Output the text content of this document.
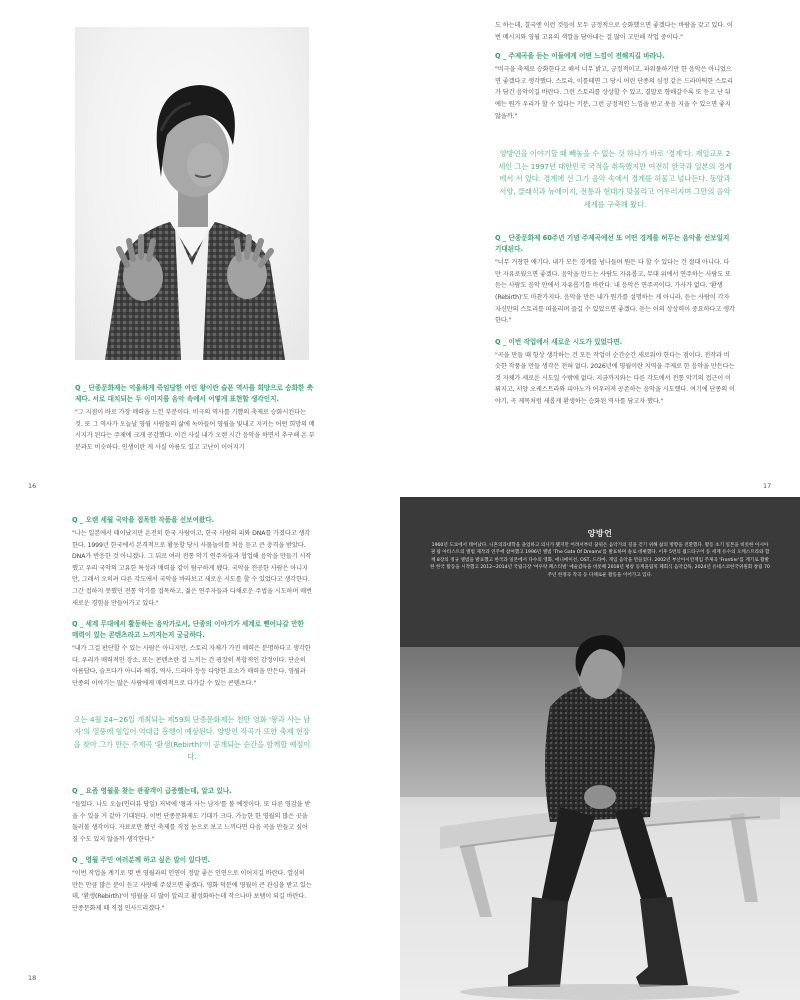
16	17
18
Q _ 단종문화제는 억울하게 죽임당한 어린 왕이란 슬픈 역사를 희망으로 승화한 축제다. 서로 대치되는 두 이미지를 음악 속에서 어떻게 표현할 생각인지.
"그 지점이 바로 가장 매력을 느낀 부분이다. 비극의 역사를 기쁨의 축제로 승화시킨다는 것. 또 그 역사가 오늘날 영월 사람들의 삶에 녹아들어 영월을 빛내고 지키는 어떤 희망의 메시지가 된다는 주제에 크게 공감했다. 이건 사실 내가 오랜 시간 음악을 하면서 추구해 온 부분과도 비슷하다. 인생이란 게 사실 아름도 있고 고난이 이어지기
도 하는데, 결국엔 이런 것들이 모두 긍정적으로 승화했으면 좋겠다는 바람을 갖고 있다. 이번 메시지와 영월 고유의 색깔을 담아내는 걸 많이 고민해 작업 중이다."
Q _ 주제곡을 듣는 이들에게 어떤 느낌이 전해지길 바라나.
"비극을 축제로 승화한다고 해서 너무 밝고, 긍정적이고, 파워풀하기만 한 음악은 아니었으면 좋겠다고 생각했다. 스토리, 이를테면 그 당시 어린 단종의 심정 같은 드라마틱한 스토리가 담긴 음악이길 바란다. 그런 스토리를 상상할 수 있고, 결말로 향해갈수록 또 듣고 난 뒤에는 뭔가 우리가 할 수 있다는 기분, 그런 긍정적인 느낌을 받고 웃음 지을 수 있으면 좋지 않을까."
양방언을 이야기할 때 빼놓을 수 없는 것 하나가 바로 '경계'다. 재일교포 2세인 그는 1997년 대한민국 국적을 취득했지만 여전히 한국과 일본의 경계에서 서 있다. 경계에 선 그가 음악 속에서 경계를 허물고 넘나든다. 동양과 서양, 클래식과 뉴에이지, 전통과 현대가 맞물리고 어우러지며 그만의 음악 세계를 구축해 왔다.
Q _ 단종문화제 60주년 기념 주제곡에선 또 어떤 경계를 허무는 음악을 선보일지 기대된다.
"너무 거창한 얘기다. 내가 모든 경계를 넘나들며 뭔든 다 할 수 있다는 건 절대 아니다. 다만 자유로웠으면 좋겠다. 음악을 만드는 사람도 자유롭고, 무대 위에서 연주하는 사람도 또 듣는 사람도 음악 안에서 자유롭기를 바란다. 내 음악은 연주곡이다. 가사가 없다. '환생(Rebirth)'도 마찬가지다. 음악을 만든 내가 뭔가를 설명하는 게 아니라, 듣는 사람이 각자 자신만의 스토리를 떠올리며 즐길 수 있었으면 좋겠다. 듣는 이의 상상력이 중요하다고 생각한다."
Q _ 이번 작업에서 새로운 시도가 있었다면.
"곡을 만들 때 항상 생각하는 건 모든 작업이 순간순간 새로워야 한다는 점이다. 전작과 비슷한 작품을 만들 생각은 전혀 없다. 2026년에 영월이란 지역을 주제로 한 음악을 만든다는 것 자체가 새로운 시도일 수밖에 없다. 지금까지와는 다른 각도에서 전통 악기의 접근이 이뤄지고, 서양 오케스트라와 피아노가 어우러져 공존하는 음악을 시도했다. 여기에 단종의 이야기, 곡 제목처럼 새롭게 환생하는 승화된 역사를 담고자 했다."
Q _ 오랜 세월 국악을 접목한 작품을 선보여왔다.
"나는 일본에서 태어났지만 온전히 한국 사람이고, 한국 사람의 피와 DNA를 가졌다고 생각한다. 1999년 한국에서 본격적으로 활동할 당시 사물놀이를 처음 듣고 큰 충격을 받았다. DNA가 반응한 것 아니겠나. 그 뒤로 여러 전통 악기 연주자들과 협업해 음악을 만들기 시작했고 우리 국악의 고유한 특성과 매력을 같이 탐구하게 됐다. 국악을 전공한 사람은 아니지만, 그래서 오히려 다른 각도에서 국악을 바라보고 새로운 시도를 할 수 있었다고 생각한다. 그간 접하지 못했던 전통 악기를 접목하고, 젊은 연주자들과 다채로운 주법을 시도하며 매번 새로운 경험을 만들어가고 있다."
Q _ 세계 무대에서 활동하는 음악가로서, 단종의 이야기가 세계로 뻗어나갈 만한 매력이 있는 콘텐츠라고 느끼지는지 궁금하다.
"내가 그걸 판단할 수 있는 사람은 아니지만, 스토리 자체가 가진 매력은 분명하다고 생각한다. 우리가 매력적인 장소, 또는 콘텐츠란 걸 느끼는 건 굉장히 복합적인 감정이다. 단순히 아름답다, 슬프다가 아니라 배경, 역사, 드라마 등등 다양한 요소가 매력을 만든다. 영월과 단종의 이야기는 많은 사람에게 매력적으로 다가갈 수 있는 콘텐츠다."
오는 4월 24~26일 개최되는 제59회 단종문화제는 천만 영화 '왕과 사는 남자'의 열풍에 힘입어 역대급 흥행이 예상된다. 양방언 작곡가 또한 축제 현장을 찾아 그가 만든 주제곡 '환생(Rebirth)'이 공개되는 순간을 함께할 예정이다.
Q _ 요즘 영월을 찾는 관광객이 급증했는데, 알고 있나.
"들었다. 나도 오늘(인터뷰 당일) 저녁에 '왕과 사는 남자'를 볼 예정이다. 또 다른 영감을 받을 수 있을 거 같아 기대된다. 이번 단종문화제도 기대가 크다. 가능한 한 영월의 많은 곳을 둘러볼 생각이다. 자료로만 봤던 축제를 직접 눈으로 보고 느끼다면 다음 곡을 만들고 싶어질 수도 있지 않을까 생각한다."
Q _ 영월 주민 여러분께 하고 싶은 말이 있다면.
"이번 작업을 계기로 몇 번 영월과의 인연이 정말 좋은 인연으로 이어지길 바란다. 열심히 만든 만큼 많은 분이 듣고 사랑해 주셨으면 좋겠다. 영화 덕분에 영월이 큰 관심을 받고 있는데, '환생(Rebirth)'이 영월을 더 많이 알리고 활성화하는데 작으나마 보탬이 되길 바란다. 단종문화제 때 직접 인사드리겠다."
양방언
1960년 도쿄에서 태어났다. 니혼의과대학을 졸업하고 의사가 됐지만 어려서부터 꿈꿔온 음악가의 길을 걷기 위해 삶의 방향을 전환했다. 활동 초기 일본을 비롯한 아시아권 팝 아티스트의 앨범 제작과 연주에 참여했고 1996년 앨범 'The Gate Of Dreams'를 발표하며 솔로 데뷔했다. 이후 5번의 월드타구어 등 세계 유수의 오케스트라와 함께 8장의 정규 앨범을 발표했고 한국과 일본에서 다수의 영화, 애니메이션, OST, 드라마, 게임 음악을 만들었다. 2002년 부산아시안게임 주제곡 'Frontier'를 계기로 활발한 한국 활동을 시작했고 2012~2014년 국립극장 '여우락 페스티벌' 예술감독을 비롯해 2018년 평창 동계올림픽 폐회식 음악감독, 2024년 유네스코한국위원회 창립 70주년 한정곡 작곡 등 다채로운 활동을 이어가고 있다.
